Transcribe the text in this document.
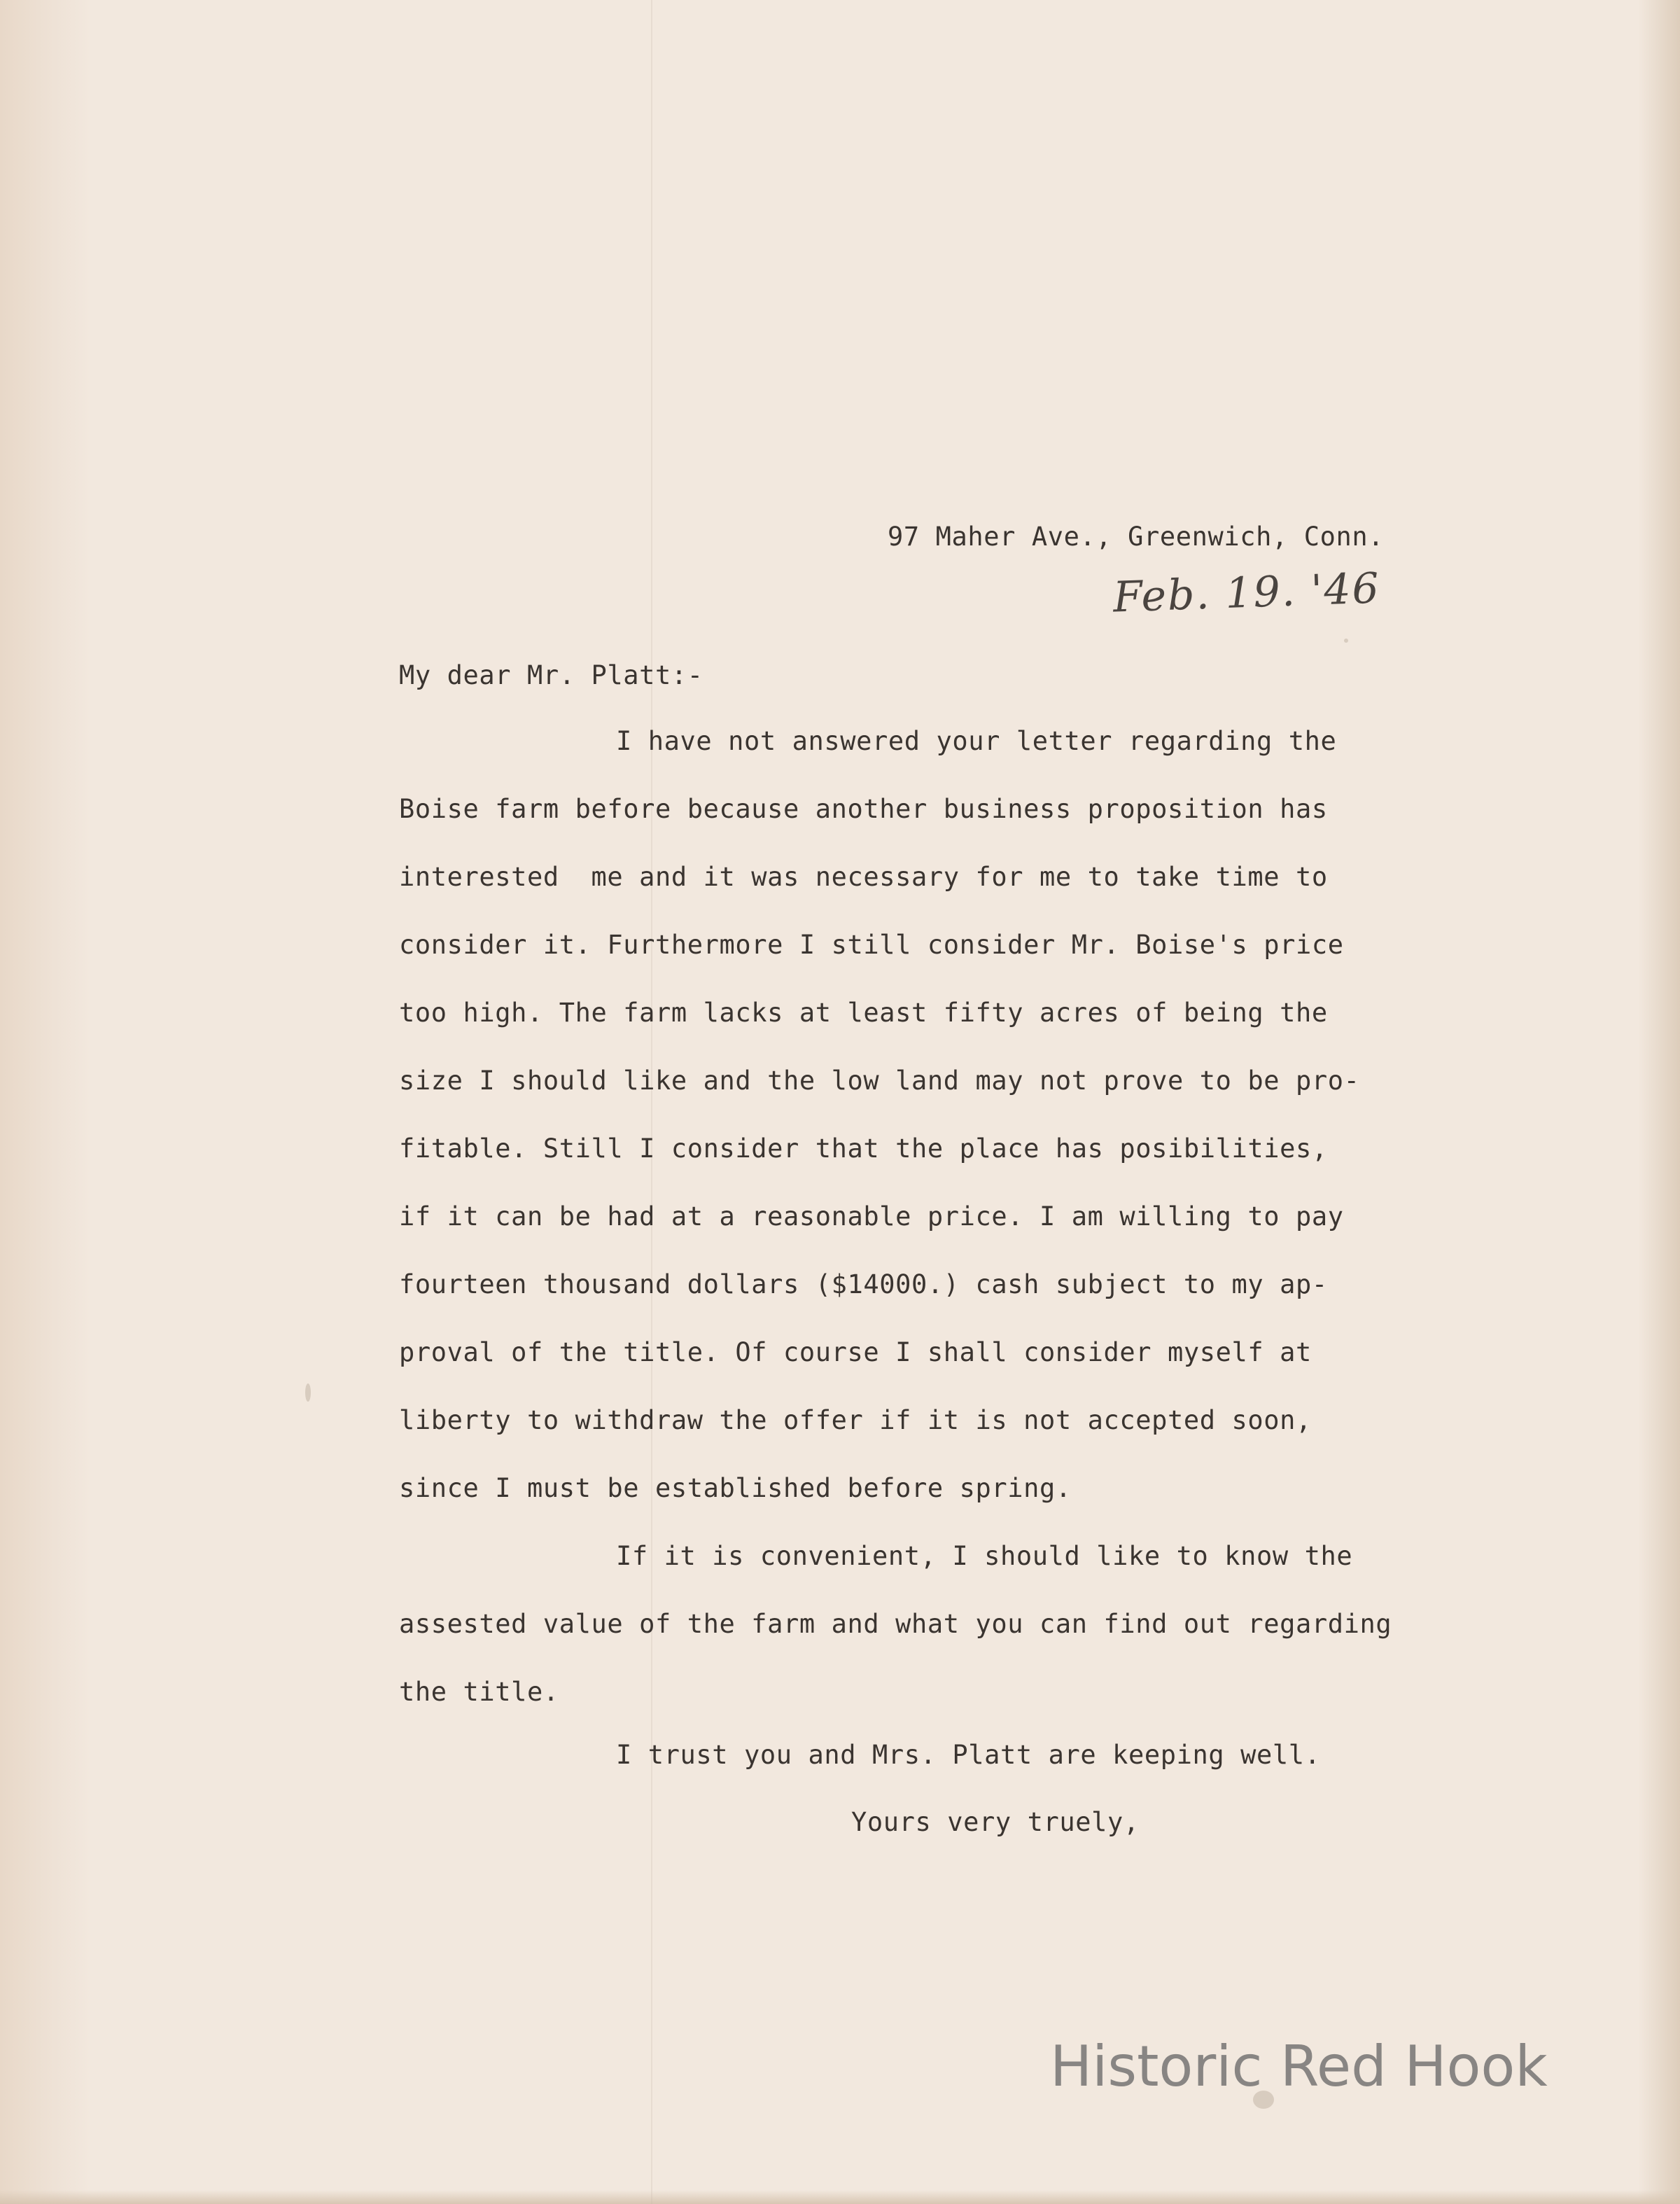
97 Maher Ave., Greenwich, Conn.
Feb. 19. '46
My dear Mr. Platt:-
I have not answered your letter regarding the
Boise farm before because another business proposition has
interested  me and it was necessary for me to take time to
consider it. Furthermore I still consider Mr. Boise's price
too high. The farm lacks at least fifty acres of being the
size I should like and the low land may not prove to be pro-
fitable. Still I consider that the place has posibilities,
if it can be had at a reasonable price. I am willing to pay
fourteen thousand dollars ($14000.) cash subject to my ap-
proval of the title. Of course I shall consider myself at
liberty to withdraw the offer if it is not accepted soon,
since I must be established before spring.
If it is convenient, I should like to know the
assested value of the farm and what you can find out regarding
the title.
I trust you and Mrs. Platt are keeping well.
Yours very truely,
Historic Red Hook
